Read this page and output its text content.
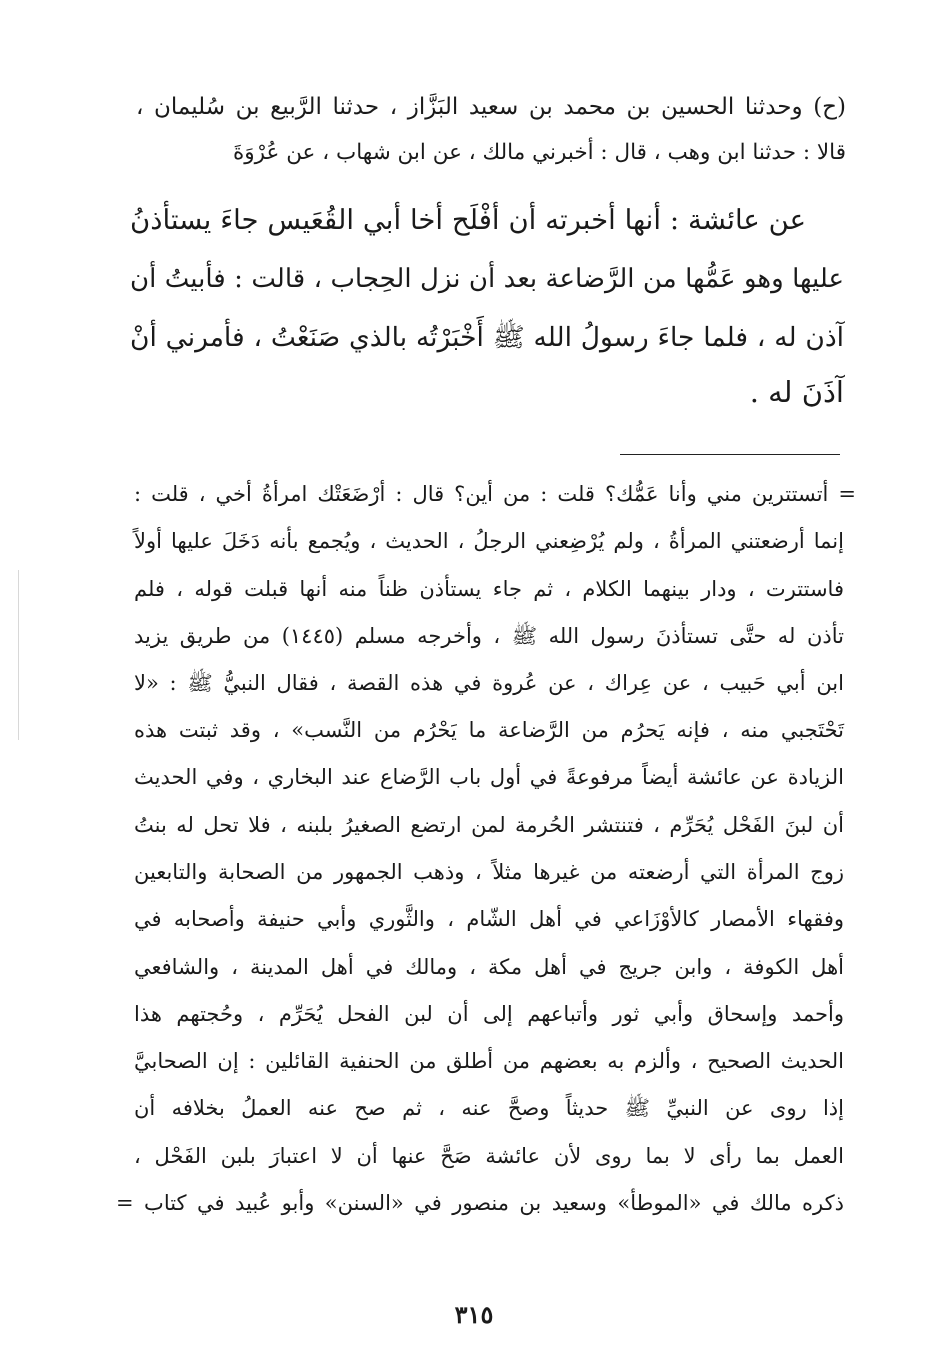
(ح) وحدثنا الحسين بن محمد بن سعيد البَزَّاز ، حدثنا الرَّبيع بن سُليمان ،
قالا : حدثنا ابن وهب ، قال : أخبرني مالك ، عن ابن شهاب ، عن عُرْوَةَ
عن عائشة : أنها أخبرته أن أفْلَح أخا أبي القُعَيس جاءَ يستأذنُ
عليها وهو عَمُّها من الرَّضاعة بعد أن نزل الحِجاب ، قالت : فأبيتُ أن
آذن له ، فلما جاءَ رسولُ الله ﷺ أَخْبَرْتُه بالذي صَنَعْتُ ، فأمرني أنْ
آذَنَ له .
= أتستترين مني وأنا عَمُّك؟ قلت : من أين؟ قال : أرْضَعَتْك امرأةُ أخي ، قلت :
إنما أرضعتني المرأةُ ، ولم يُرْضِعني الرجلُ ، الحديث ، ويُجمع بأنه دَخَلَ عليها أولاً
فاستترت ، ودار بينهما الكلام ، ثم جاء يستأذن ظناً منه أنها قبلت قوله ، فلم
تأذن له حتَّى تستأذنَ رسول الله ﷺ ، وأخرجه مسلم (١٤٤٥) من طريق يزيد
ابن أبي حَبيب ، عن عِراك ، عن عُروة في هذه القصة ، فقال النبيُّ ﷺ : «لا
تَحْتَجبي منه ، فإنه يَحرُم من الرَّضاعة ما يَحْرُم من النَّسب» ، وقد ثبتت هذه
الزيادة عن عائشة أيضاً مرفوعةً في أول باب الرَّضاع عند البخاري ، وفي الحديث
أن لبنَ الفَحْل يُحَرِّم ، فتنتشر الحُرمة لمن ارتضع الصغيرُ بلبنه ، فلا تحل له بنتُ
زوج المرأة التي أرضعته من غيرها مثلاً ، وذهب الجمهور من الصحابة والتابعين
وفقهاء الأمصار كالأوْزَاعي في أهل الشّام ، والثَّوري وأبي حنيفة وأصحابه في
أهل الكوفة ، وابن جريج في أهل مكة ، ومالك في أهل المدينة ، والشافعي
وأحمد وإسحاق وأبي ثور وأتباعهم إلى أن لبن الفحل يُحَرِّم ، وحُجتهم هذا
الحديث الصحيح ، وألزم به بعضهم من أطلق من الحنفية القائلين : إن الصحابيَّ
إذا روى عن النبيِّ ﷺ حديثاً وصحَّ عنه ، ثم صح عنه العملُ بخلافه أن
العمل بما رأى لا بما روى لأن عائشة صَحَّ عنها أن لا اعتبارَ بلبن الفَحْل ،
ذكره مالك في «الموطأ» وسعيد بن منصور في «السنن» وأبو عُبيد في كتاب =
٣١٥
